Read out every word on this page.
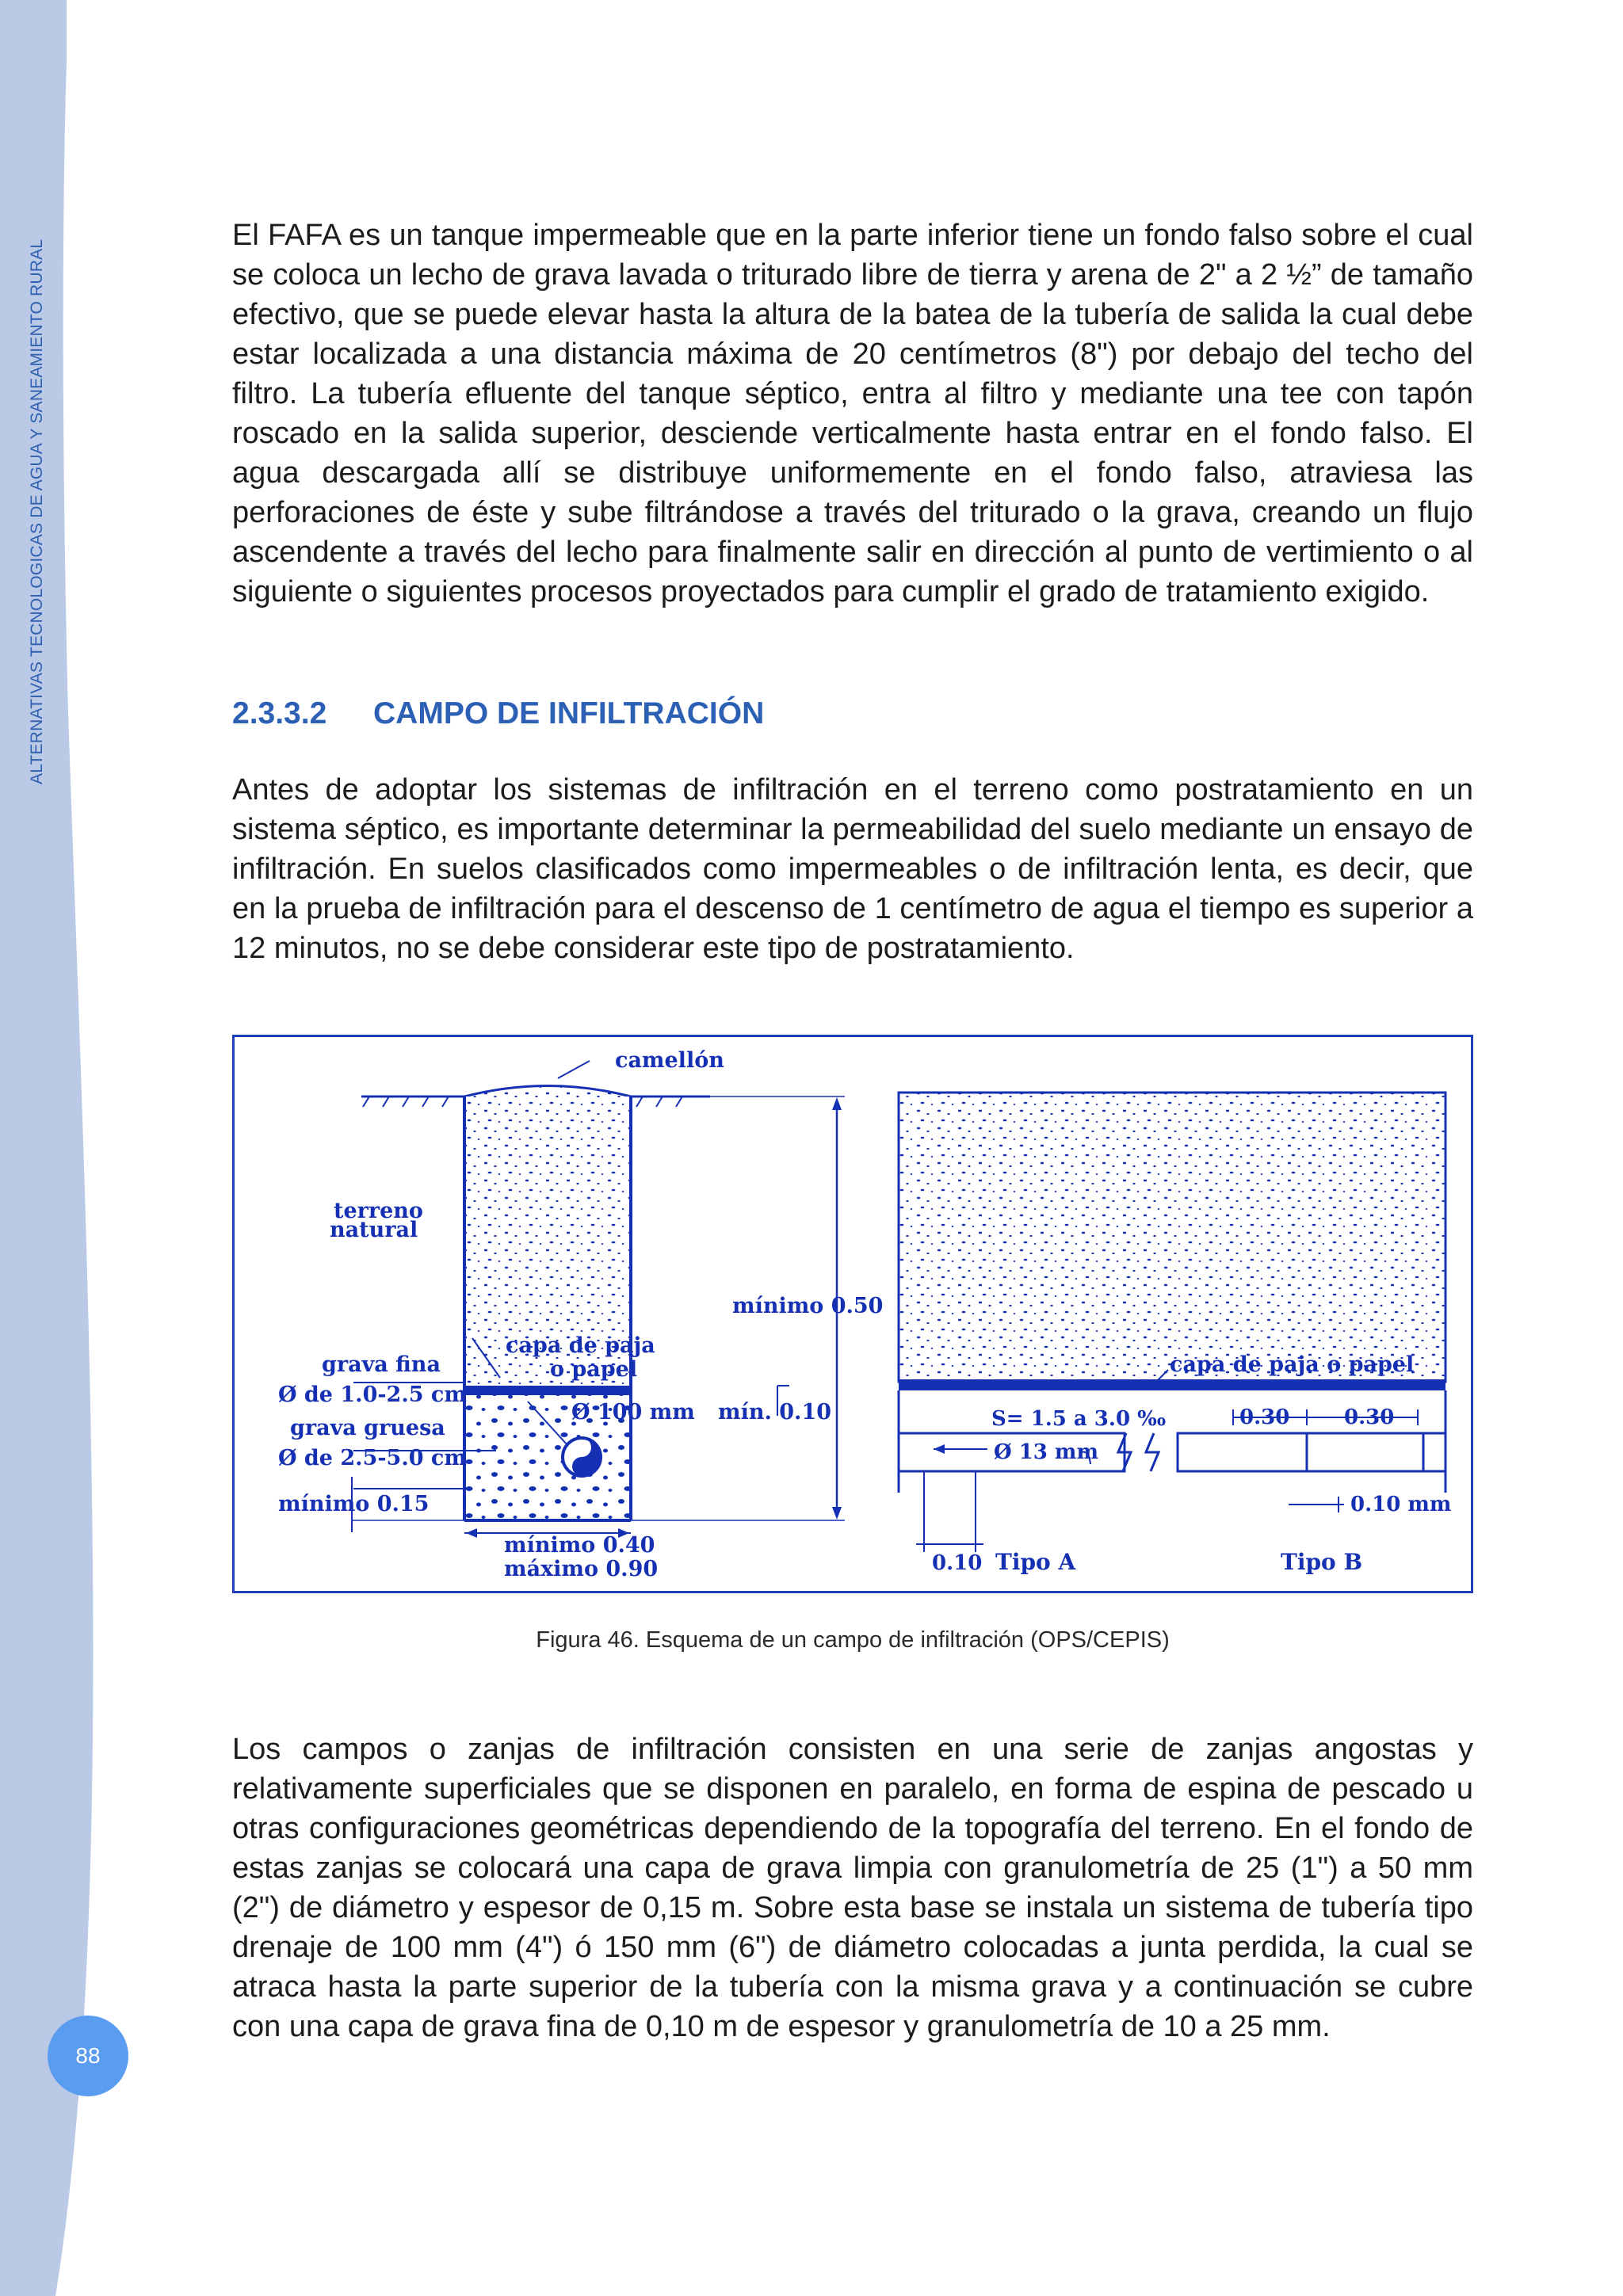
ALTERNATIVAS TECNOLOGICAS DE AGUA Y SANEAMIENTO RURAL
88

El FAFA es un tanque impermeable que en la parte inferior tiene un fondo falso sobre el cual se coloca un lecho de grava lavada o triturado libre de tierra y arena de 2" a 2 ½” de tamaño efectivo, que se puede elevar hasta la altura de la batea de la tubería de salida la cual debe estar localizada a una distancia máxima de 20 centímetros (8") por debajo del techo del filtro. La tubería efluente del tanque séptico, entra al filtro y mediante una tee con tapón roscado en la salida superior, desciende verticalmente hasta entrar en el fondo falso. El agua descargada allí se distribuye uniformemente en el fondo falso, atraviesa las perforaciones de éste y sube filtrándose a través del triturado o la grava, creando un flujo ascendente a través del lecho para finalmente salir en dirección al punto de vertimiento o al siguiente o siguientes procesos proyectados para cumplir el grado de tratamiento exigido.

2.3.3.2 CAMPO DE INFILTRACIÓN

Antes de adoptar los sistemas de infiltración en el terreno como postratamiento en un sistema séptico, es importante determinar la permeabilidad del suelo mediante un ensayo de infiltración. En suelos clasificados como impermeables o de infiltración lenta, es decir, que en la prueba de infiltración para el descenso de 1 centímetro de agua el tiempo es superior a 12 minutos, no se debe considerar este tipo de postratamiento.

camellón
terreno
natural
grava fina
Ø de 1.0-2.5 cm
grava gruesa
Ø de 2.5-5.0 cm
mínimo 0.15
capa de paja
o papel
Ø 100 mm mín. 0.10
mínimo 0.50
mínimo 0.40
máximo 0.90
capa de paja o papel
S= 1.5 a 3.0 ‰	0.30	0.30
Ø 13 mm
0.10 mm
0.10 Tipo A	Tipo B
Figura 46. Esquema de un campo de infiltración (OPS/CEPIS)

Los campos o zanjas de infiltración consisten en una serie de zanjas angostas y relativamente superficiales que se disponen en paralelo, en forma de espina de pescado u otras configuraciones geométricas dependiendo de la topografía del terreno. En el fondo de estas zanjas se colocará una capa de grava limpia con granulometría de 25 (1") a 50 mm (2") de diámetro y espesor de 0,15 m. Sobre esta base se instala un sistema de tubería tipo drenaje de 100 mm (4") ó 150 mm (6") de diámetro colocadas a junta perdida, la cual se atraca hasta la parte superior de la tubería con la misma grava y a continuación se cubre con una capa de grava fina de 0,10 m de espesor y granulometría de 10 a 25 mm.
